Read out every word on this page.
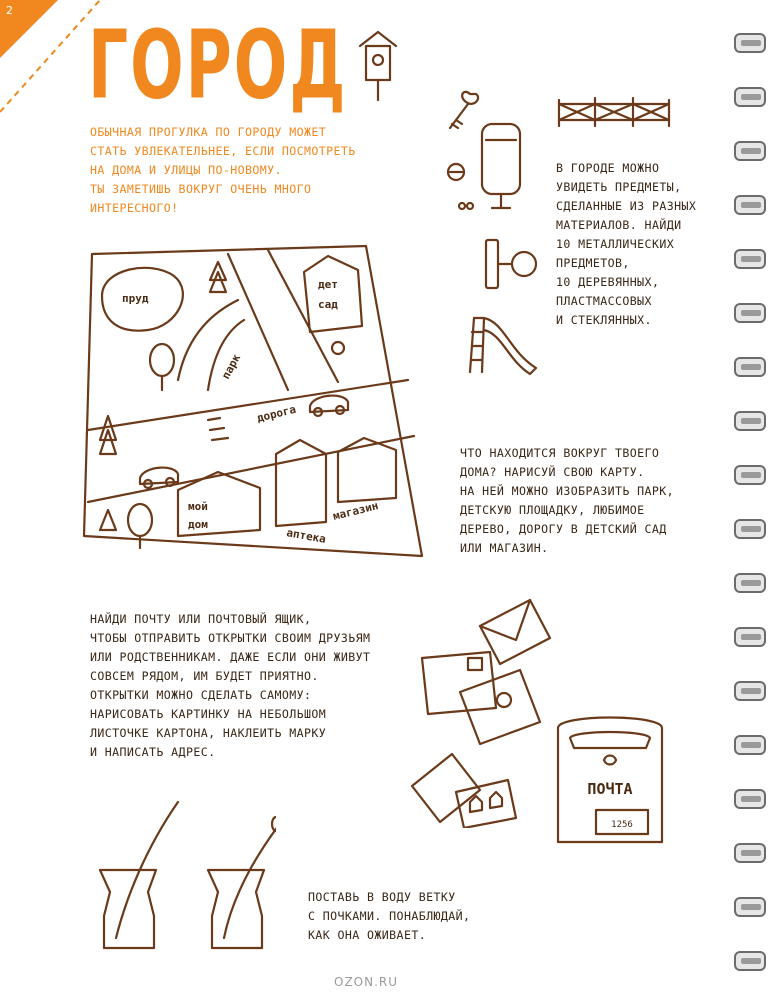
2 ГОРОД
ОБЫЧНАЯ ПРОГУЛКА ПО ГОРОДУ МОЖЕТ
СТАТЬ УВЛЕКАТЕЛЬНЕЕ, ЕСЛИ ПОСМОТРЕТЬ
НА ДОМА И УЛИЦЫ ПО-НОВОМУ.
ТЫ ЗАМЕТИШЬ ВОКРУГ ОЧЕНЬ МНОГО
ИНТЕРЕСНОГО!
В ГОРОДЕ МОЖНО
УВИДЕТЬ ПРЕДМЕТЫ,
СДЕЛАННЫЕ ИЗ РАЗНЫХ
МАТЕРИАЛОВ. НАЙДИ
10 МЕТАЛЛИЧЕСКИХ
ПРЕДМЕТОВ,
10 ДЕРЕВЯННЫХ,
ПЛАСТМАССОВЫХ
И СТЕКЛЯННЫХ.
пруд
парк
дет
сад
дорога
мой
дом
магазин
аптека
ЧТО НАХОДИТСЯ ВОКРУГ ТВОЕГО
ДОМА? НАРИСУЙ СВОЮ КАРТУ.
НА НЕЙ МОЖНО ИЗОБРАЗИТЬ ПАРК,
ДЕТСКУЮ ПЛОЩАДКУ, ЛЮБИМОЕ
ДЕРЕВО, ДОРОГУ В ДЕТСКИЙ САД
ИЛИ МАГАЗИН.
НАЙДИ ПОЧТУ ИЛИ ПОЧТОВЫЙ ЯЩИК,
ЧТОБЫ ОТПРАВИТЬ ОТКРЫТКИ СВОИМ ДРУЗЬЯМ
ИЛИ РОДСТВЕННИКАМ. ДАЖЕ ЕСЛИ ОНИ ЖИВУТ
СОВСЕМ РЯДОМ, ИМ БУДЕТ ПРИЯТНО.
ОТКРЫТКИ МОЖНО СДЕЛАТЬ САМОМУ:
НАРИСОВАТЬ КАРТИНКУ НА НЕБОЛЬШОМ
ЛИСТОЧКЕ КАРТОНА, НАКЛЕИТЬ МАРКУ
И НАПИСАТЬ АДРЕС.
ПОЧТА
1256
ПОСТАВЬ В ВОДУ ВЕТКУ
С ПОЧКАМИ. ПОНАБЛЮДАЙ,
КАК ОНА ОЖИВАЕТ.
OZON.RU
